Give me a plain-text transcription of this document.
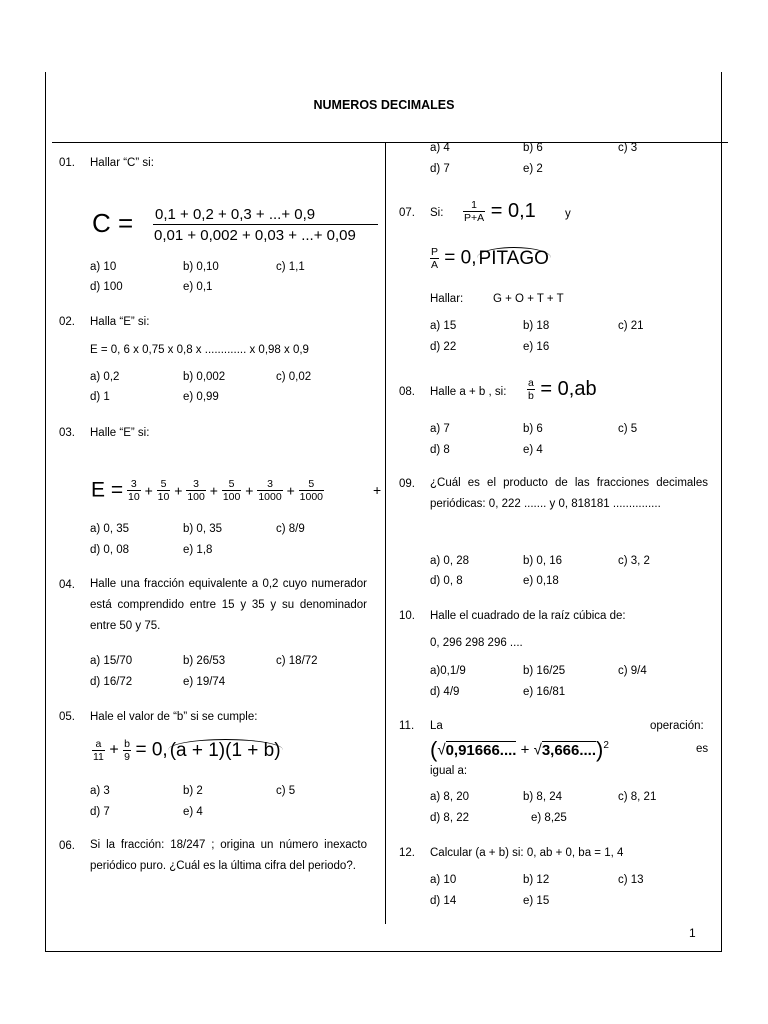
NUMEROS DECIMALES
01. Hallar “C” si:
C = 0,1 + 0,2 + 0,3 + ...+ 0,9
0,01 + 0,002 + 0,03 + ...+ 0,09
a) 10	b) 0,10	c) 1,1
d) 100	e) 0,1
02. Halla “E” si:
E = 0, 6 x 0,75 x 0,8 x ............. x 0,98 x 0,9
a) 0,2	b) 0,002	c) 0,02
d) 1	e) 0,99
03. Halle “E” si:
$E = \frac{3}{10} + \frac{5}{10} + \frac{3}{100} + \frac{5}{100} + \frac{3}{1000} + \frac{5}{1000}$	+
a) 0, 35	b) 0, 35	c) 8/9
d) 0, 08	e) 1,8
04. Halle una fracción equivalente a 0,2 cuyo numerador está comprendido entre 15 y 35 y su denominador entre 50 y 75.
a) 15/70	b) 26/53	c) 18/72
d) 16/72	e) 19/74
05. Hale el valor de “b” si se cumple:
$\frac{a}{11} + \frac{b}{9} = 0$, (a + 1)(1 + b)
a) 3	b) 2	c) 5
d) 7	e) 4
06. Si la fracción: 18/247 ; origina un número inexacto periódico puro. ¿Cuál es la última cifra del periodo?.
a) 4	b) 6	c) 3
d) 7	e) 2
07. Si: $\frac{1}{P+A} = 0,1$	y
$\frac{P}{A} = 0$, PITAGO
Hallar:	G + O + T + T
a) 15	b) 18	c) 21
d) 22	e) 16
08. Halle a + b , si: $\frac{a}{b} = 0,ab$
a) 7	b) 6	c) 5
d) 8	e) 4
09. ¿Cuál es el producto de las fracciones decimales periódicas: 0, 222 ....... y 0, 818181 ...............
a) 0, 28	b) 0, 16	c) 3, 2
d) 0, 8	e) 0,18
10. Halle el cuadrado de la raíz cúbica de:
0, 296 298 296 ....
a)0,1/9	b) 16/25	c) 9/4
d) 4/9	e) 16/81
11. La	operación:
(√0,91666.... + √3,666....)$^2$	es
igual a:
a) 8, 20	b) 8, 24	c) 8, 21
d) 8, 22	e) 8,25
12. Calcular (a + b) si: 0, ab + 0, ba = 1, 4
a) 10	b) 12	c) 13
d) 14	e) 15
1
